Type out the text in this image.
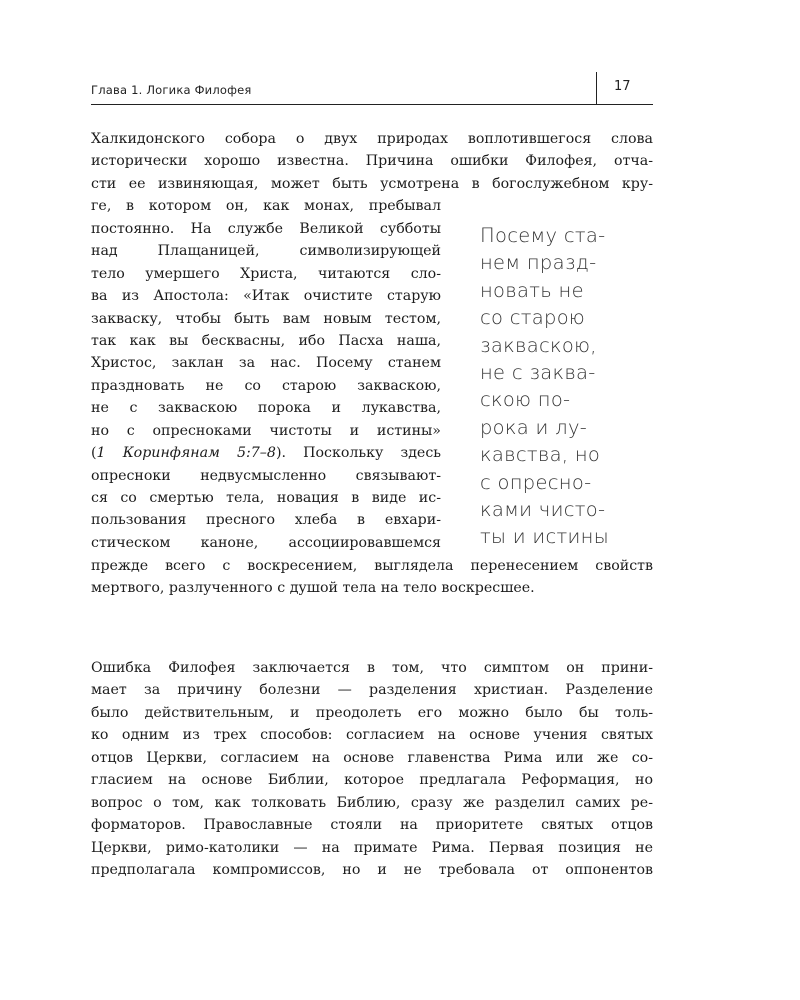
Глава 1. Логика Филофея	17
Халкидонского собора о двух природах воплотившегося слова
исторически хорошо известна. Причина ошибки Филофея, отча-
сти ее извиняющая, может быть усмотрена в богослужебном кру-
ге, в котором он, как монах, пребывал
постоянно. На службе Великой субботы
над Плащаницей, символизирующей
тело умершего Христа, читаются сло-
ва из Апостола: «Итак очистите старую
закваску, чтобы быть вам новым тестом,
так как вы бесквасны, ибо Пасха наша,
Христос, заклан за нас. Посему станем
праздновать не со старою закваскою,
не с закваскою порока и лукавства,
но с опресноками чистоты и истины»
(1 Коринфянам 5:7–8). Поскольку здесь
опресноки недвусмысленно связывают-
ся со смертью тела, новация в виде ис-
пользования пресного хлеба в евхари-
стическом каноне, ассоциировавшемся
прежде всего с воскресением, выглядела перенесением свойств
мертвого, разлученного с душой тела на тело воскресшее.
Посему ста-
нем празд-
новать не
со старою
закваскою,
не с заква-
скою по-
рока и лу-
кавства, но
с опресно-
ками чисто-
ты и истины
Ошибка Филофея заключается в том, что симптом он прини-
мает за причину болезни — разделения христиан. Разделение
было действительным, и преодолеть его можно было бы толь-
ко одним из трех способов: согласием на основе учения святых
отцов Церкви, согласием на основе главенства Рима или же со-
гласием на основе Библии, которое предлагала Реформация, но
вопрос о том, как толковать Библию, сразу же разделил самих ре-
форматоров. Православные стояли на приоритете святых отцов
Церкви, римо-католики — на примате Рима. Первая позиция не
предполагала компромиссов, но и не требовала от оппонентов
